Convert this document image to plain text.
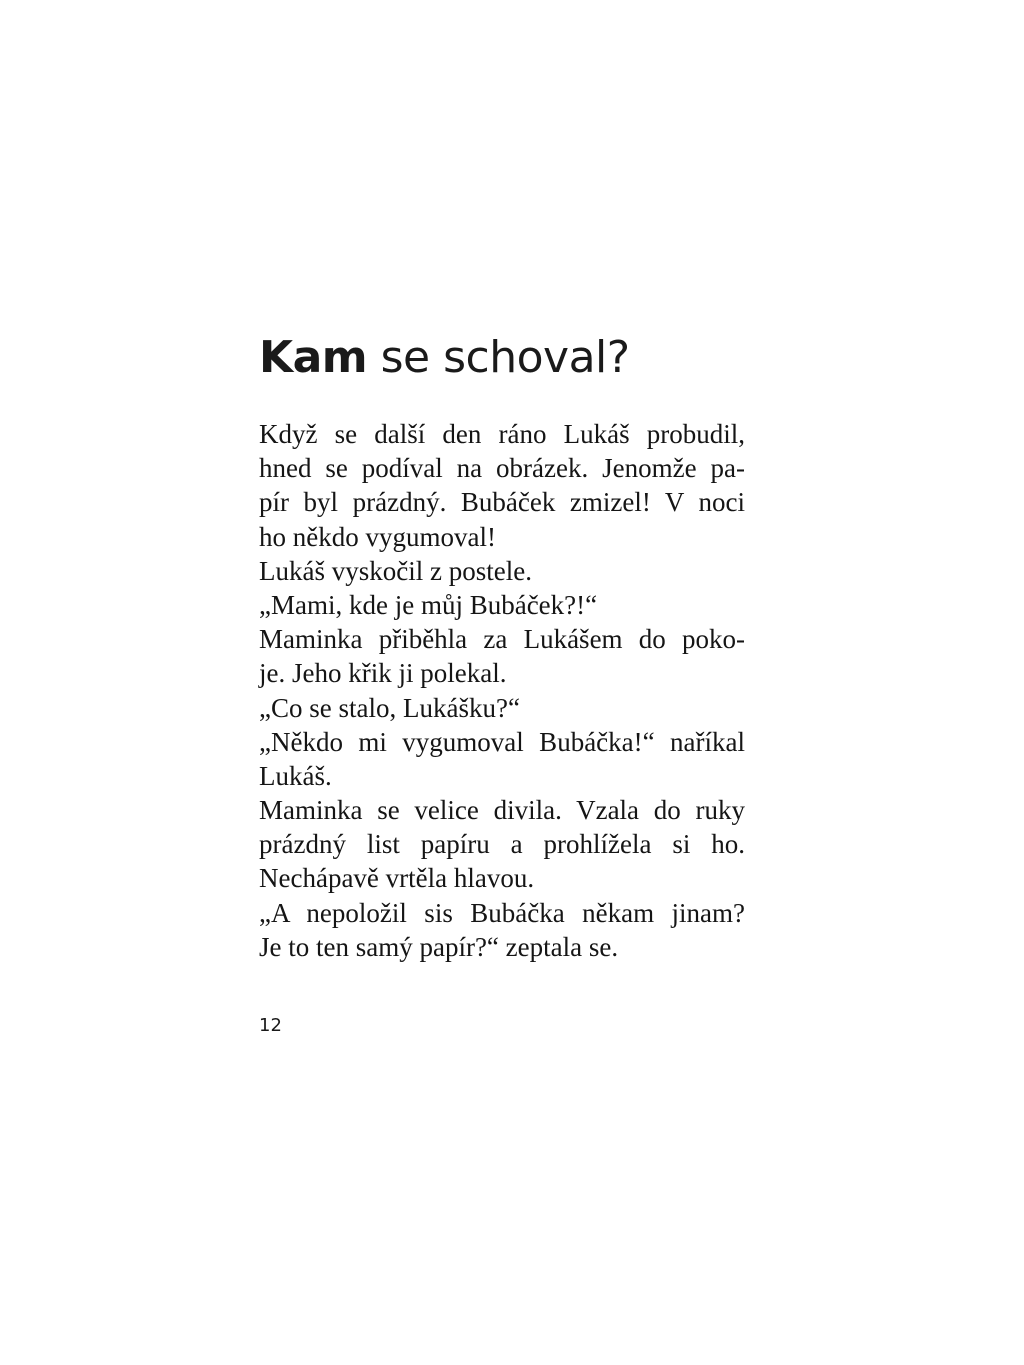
Kam se schoval?
Když se další den ráno Lukáš probudil,
hned se podíval na obrázek. Jenomže pa-
pír byl prázdný. Bubáček zmizel! V noci
ho někdo vygumoval!
Lukáš vyskočil z postele.
„Mami, kde je můj Bubáček?!“
Maminka přiběhla za Lukášem do poko-
je. Jeho křik ji polekal.
„Co se stalo, Lukášku?“
„Někdo mi vygumoval Bubáčka!“ naříkal
Lukáš.
Maminka se velice divila. Vzala do ruky
prázdný list papíru a prohlížela si ho.
Nechápavě vrtěla hlavou.
„A nepoložil sis Bubáčka někam jinam?
Je to ten samý papír?“ zeptala se.
12
